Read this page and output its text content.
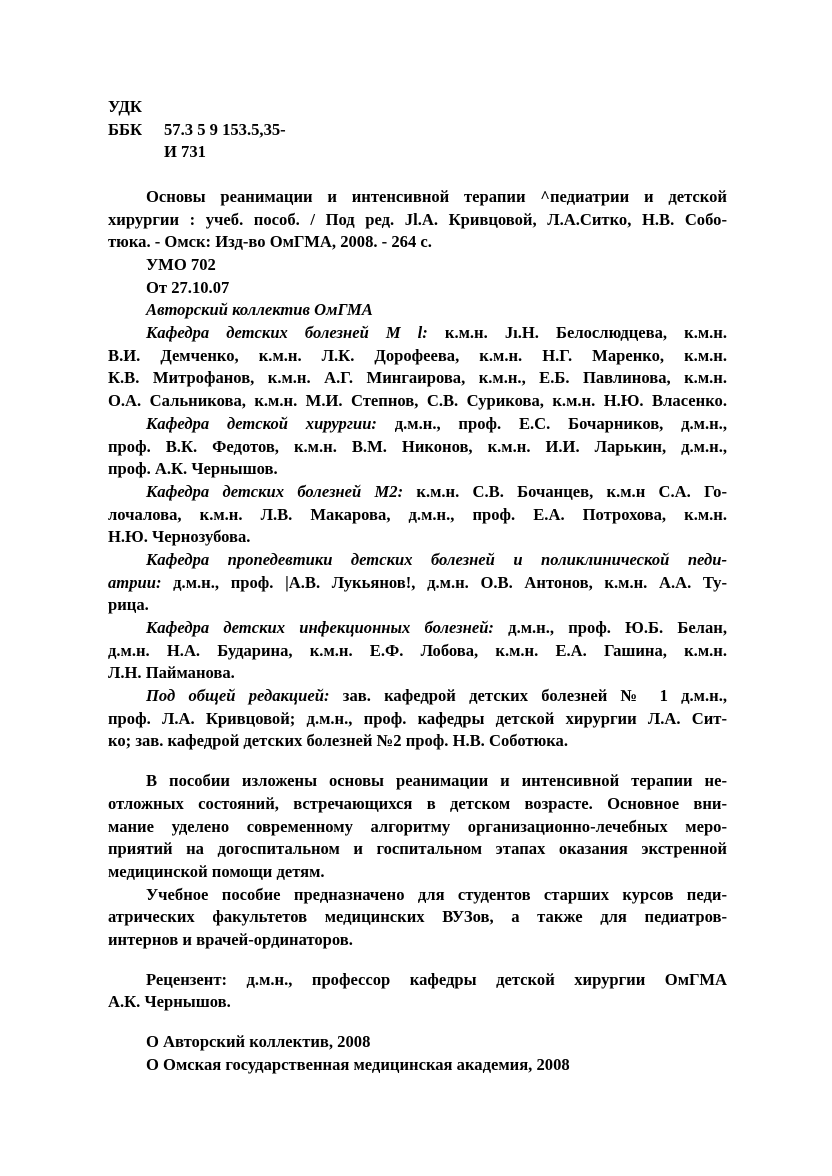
УДК
ББК 57.3 5 9 153.5,35-
И 731
Основы реанимации и интенсивной терапии ^педиатрии и детской
хирургии : учеб. пособ. / Под ред. Jl.А. Кривцовой, Л.А.Ситко, Н.В. Собо-
тюка. - Омск: Изд-во ОмГМА, 2008. - 264 с.
УМО 702
От 27.10.07
Авторский коллектив ОмГМА
Кафедра детских болезней М l: к.м.н. Jı.Н. Белослюдцева, к.м.н.
В.И. Демченко, к.м.н. Л.К. Дорофеева, к.м.н. Н.Г. Маренко, к.м.н.
К.В. Митрофанов, к.м.н. А.Г. Мингаирова, к.м.н., Е.Б. Павлинова, к.м.н.
О.А. Сальникова, к.м.н. М.И. Степнов, С.В. Сурикова, к.м.н. Н.Ю. Власенко.
Кафедра детской хирургии: д.м.н., проф. Е.С. Бочарников, д.м.н.,
проф. В.К. Федотов, к.м.н. В.М. Никонов, к.м.н. И.И. Ларькин, д.м.н.,
проф. А.К. Чернышов.
Кафедра детских болезней М2: к.м.н. С.В. Бочанцев, к.м.н С.А. Го-
лочалова, к.м.н. Л.В. Макарова, д.м.н., проф. Е.А. Потрохова, к.м.н.
Н.Ю. Чернозубова.
Кафедра пропедевтики детских болезней и поликлинической педи-
атрии: д.м.н., проф. |А.В. Лукьянов!, д.м.н. О.В. Антонов, к.м.н. А.А. Ту-
рица.
Кафедра детских инфекционных болезней: д.м.н., проф. Ю.Б. Белан,
д.м.н. Н.А. Бударина, к.м.н. Е.Ф. Лобова, к.м.н. Е.А. Гашина, к.м.н.
Л.Н. Пайманова.
Под общей редакцией: зав. кафедрой детских болезней № 1 д.м.н.,
проф. Л.А. Кривцовой; д.м.н., проф. кафедры детской хирургии Л.А. Сит-
ко; зав. кафедрой детских болезней №2 проф. Н.В. Соботюка.
В пособии изложены основы реанимации и интенсивной терапии не-
отложных состояний, встречающихся в детском возрасте. Основное вни-
мание уделено современному алгоритму организационно-лечебных меро-
приятий на догоспитальном и госпитальном этапах оказания экстренной
медицинской помощи детям.
Учебное пособие предназначено для студентов старших курсов педи-
атрических факультетов медицинских ВУЗов, а также для педиатров-
интернов и врачей-ординаторов.
Рецензент: д.м.н., профессор кафедры детской хирургии ОмГМА
А.К. Чернышов.
О Авторский коллектив, 2008
О Омская государственная медицинская академия, 2008
